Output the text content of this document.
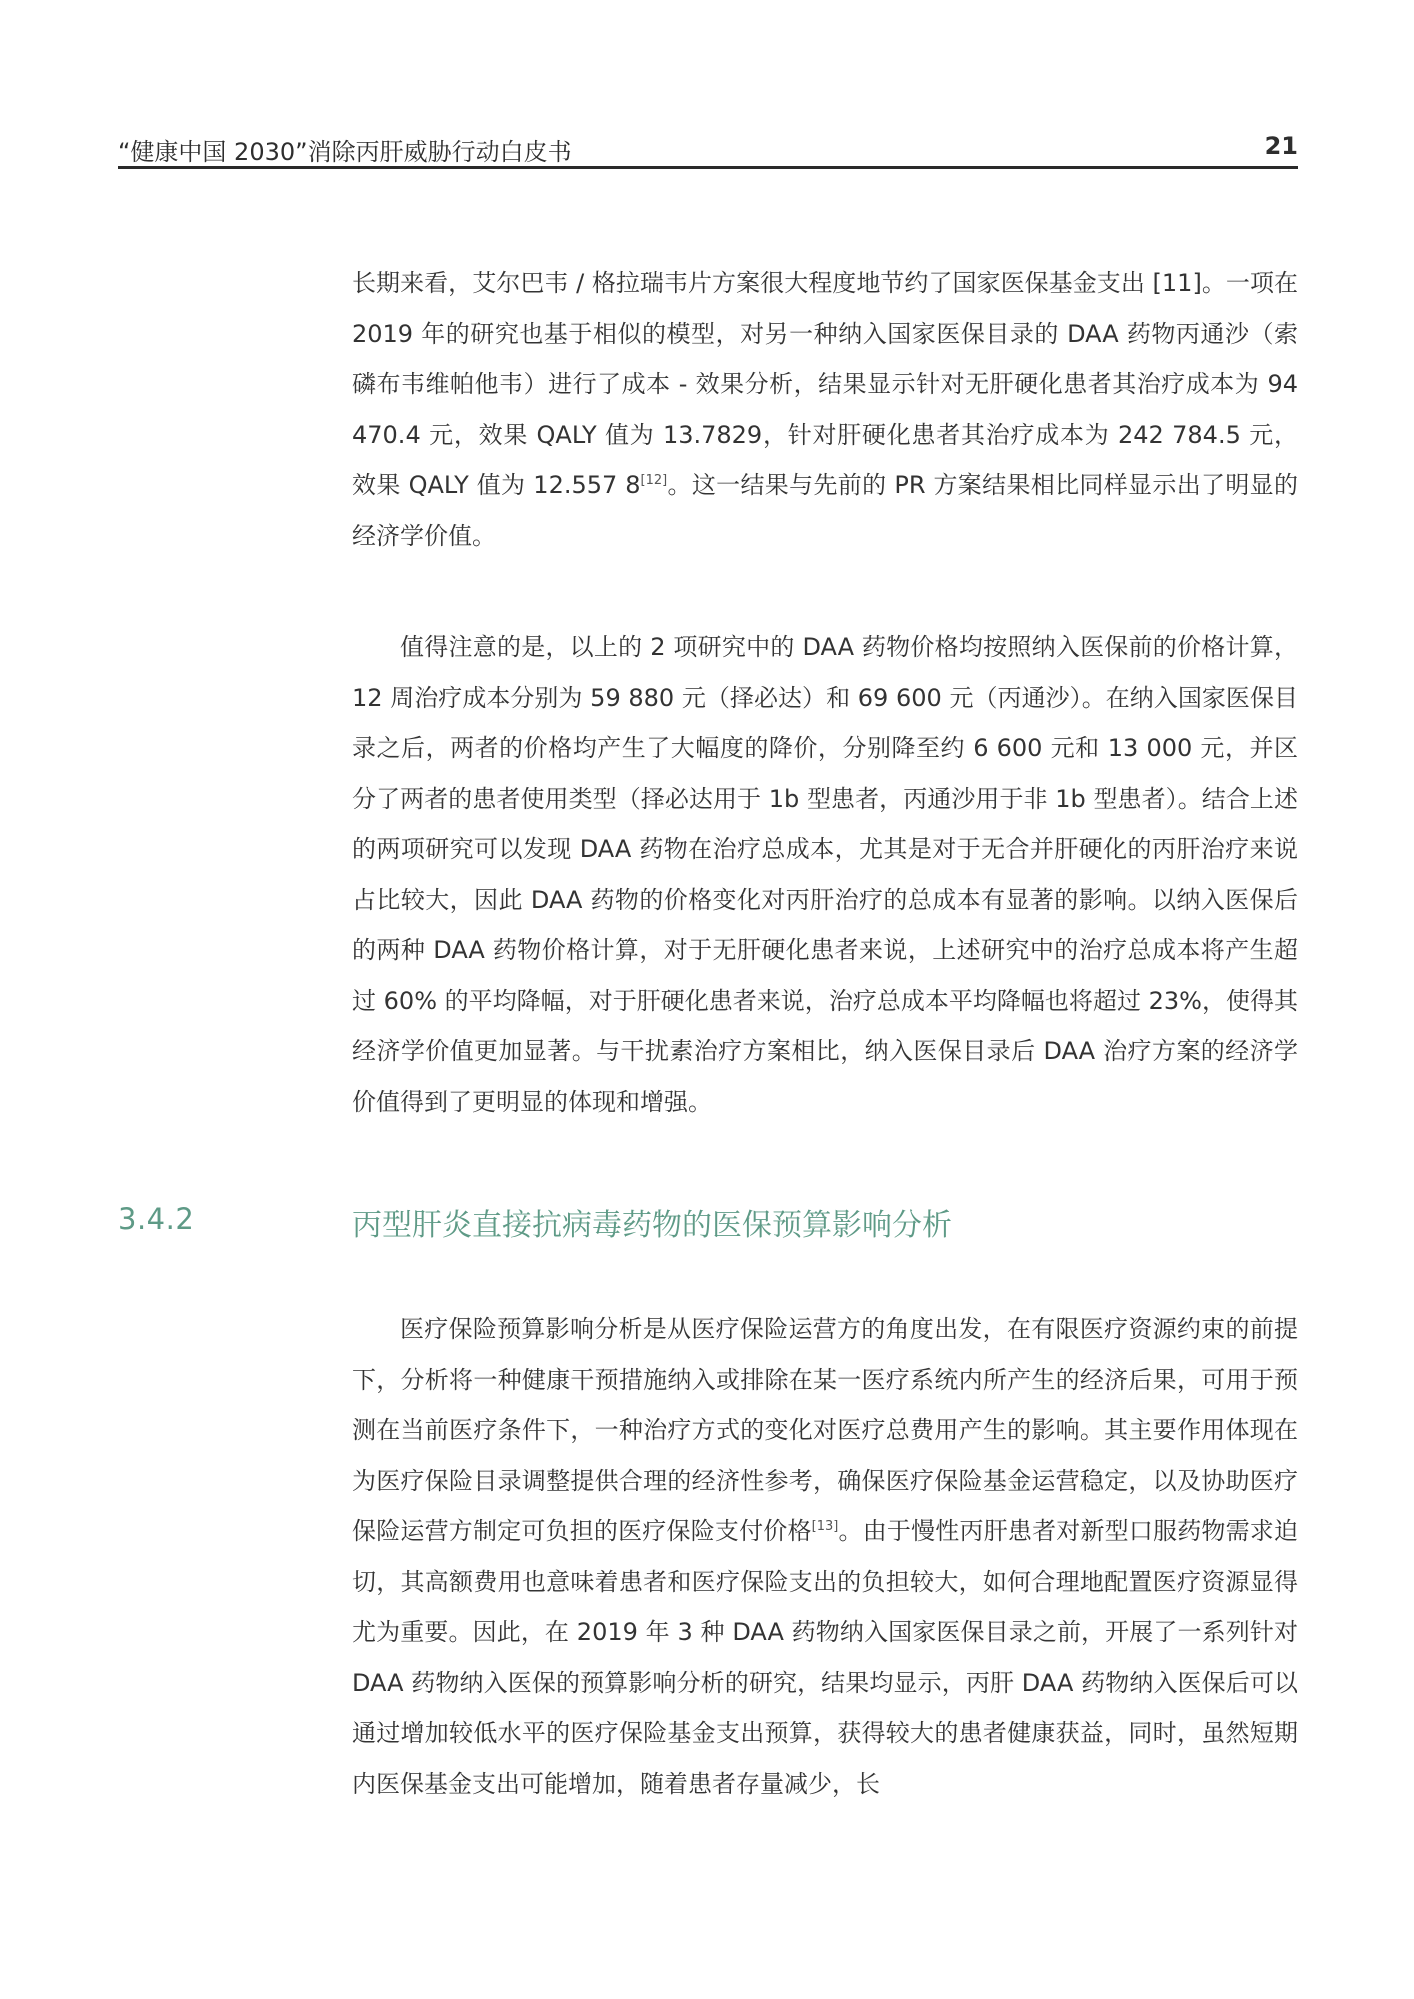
“健康中国 2030”消除丙肝威胁行动白皮书	21

长期来看，艾尔巴韦 / 格拉瑞韦片方案很大程度地节约了国家医保基金支出 [11]。一项在 2019 年的研究也基于相似的模型，对另一种纳入国家医保目录的 DAA 药物丙通沙（索磷布韦维帕他韦）进行了成本 - 效果分析，结果显示针对无肝硬化患者其治疗成本为 94 470.4 元，效果 QALY 值为 13.7829，针对肝硬化患者其治疗成本为 242 784.5 元，效果 QALY 值为 12.557 8[12]。这一结果与先前的 PR 方案结果相比同样显示出了明显的经济学价值。

值得注意的是，以上的 2 项研究中的 DAA 药物价格均按照纳入医保前的价格计算，12 周治疗成本分别为 59 880 元（择必达）和 69 600 元（丙通沙）。在纳入国家医保目录之后，两者的价格均产生了大幅度的降价，分别降至约 6 600 元和 13 000 元，并区分了两者的患者使用类型（择必达用于 1b 型患者，丙通沙用于非 1b 型患者）。结合上述的两项研究可以发现 DAA 药物在治疗总成本，尤其是对于无合并肝硬化的丙肝治疗来说占比较大，因此 DAA 药物的价格变化对丙肝治疗的总成本有显著的影响。以纳入医保后的两种 DAA 药物价格计算，对于无肝硬化患者来说，上述研究中的治疗总成本将产生超过 60% 的平均降幅，对于肝硬化患者来说，治疗总成本平均降幅也将超过 23%，使得其经济学价值更加显著。与干扰素治疗方案相比，纳入医保目录后 DAA 治疗方案的经济学价值得到了更明显的体现和增强。

3.4.2	丙型肝炎直接抗病毒药物的医保预算影响分析

医疗保险预算影响分析是从医疗保险运营方的角度出发，在有限医疗资源约束的前提下，分析将一种健康干预措施纳入或排除在某一医疗系统内所产生的经济后果，可用于预测在当前医疗条件下，一种治疗方式的变化对医疗总费用产生的影响。其主要作用体现在为医疗保险目录调整提供合理的经济性参考，确保医疗保险基金运营稳定，以及协助医疗保险运营方制定可负担的医疗保险支付价格[13]。由于慢性丙肝患者对新型口服药物需求迫切，其高额费用也意味着患者和医疗保险支出的负担较大，如何合理地配置医疗资源显得尤为重要。因此，在 2019 年 3 种 DAA 药物纳入国家医保目录之前，开展了一系列针对 DAA 药物纳入医保的预算影响分析的研究，结果均显示，丙肝 DAA 药物纳入医保后可以通过增加较低水平的医疗保险基金支出预算，获得较大的患者健康获益，同时，虽然短期内医保基金支出可能增加，随着患者存量减少，长
